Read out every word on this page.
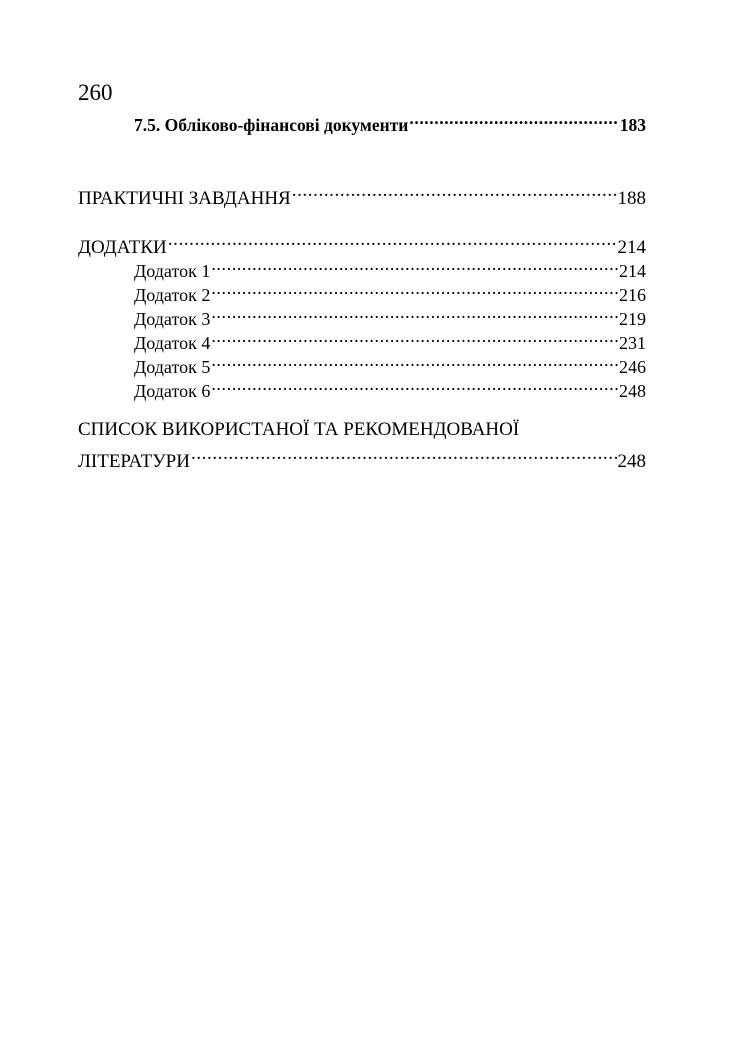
260
7.5. Обліково-фінансові документи .....	183
ПРАКТИЧНІ ЗАВДАННЯ .....	188
ДОДАТКИ .....	214
Додаток 1 .....	214
Додаток 2 .....	216
Додаток 3 .....	219
Додаток 4 .....	231
Додаток 5 .....	246
Додаток 6 .....	248
СПИСОК ВИКОРИСТАНОЇ ТА РЕКОМЕНДОВАНОЇ
ЛІТЕРАТУРИ .....	248
